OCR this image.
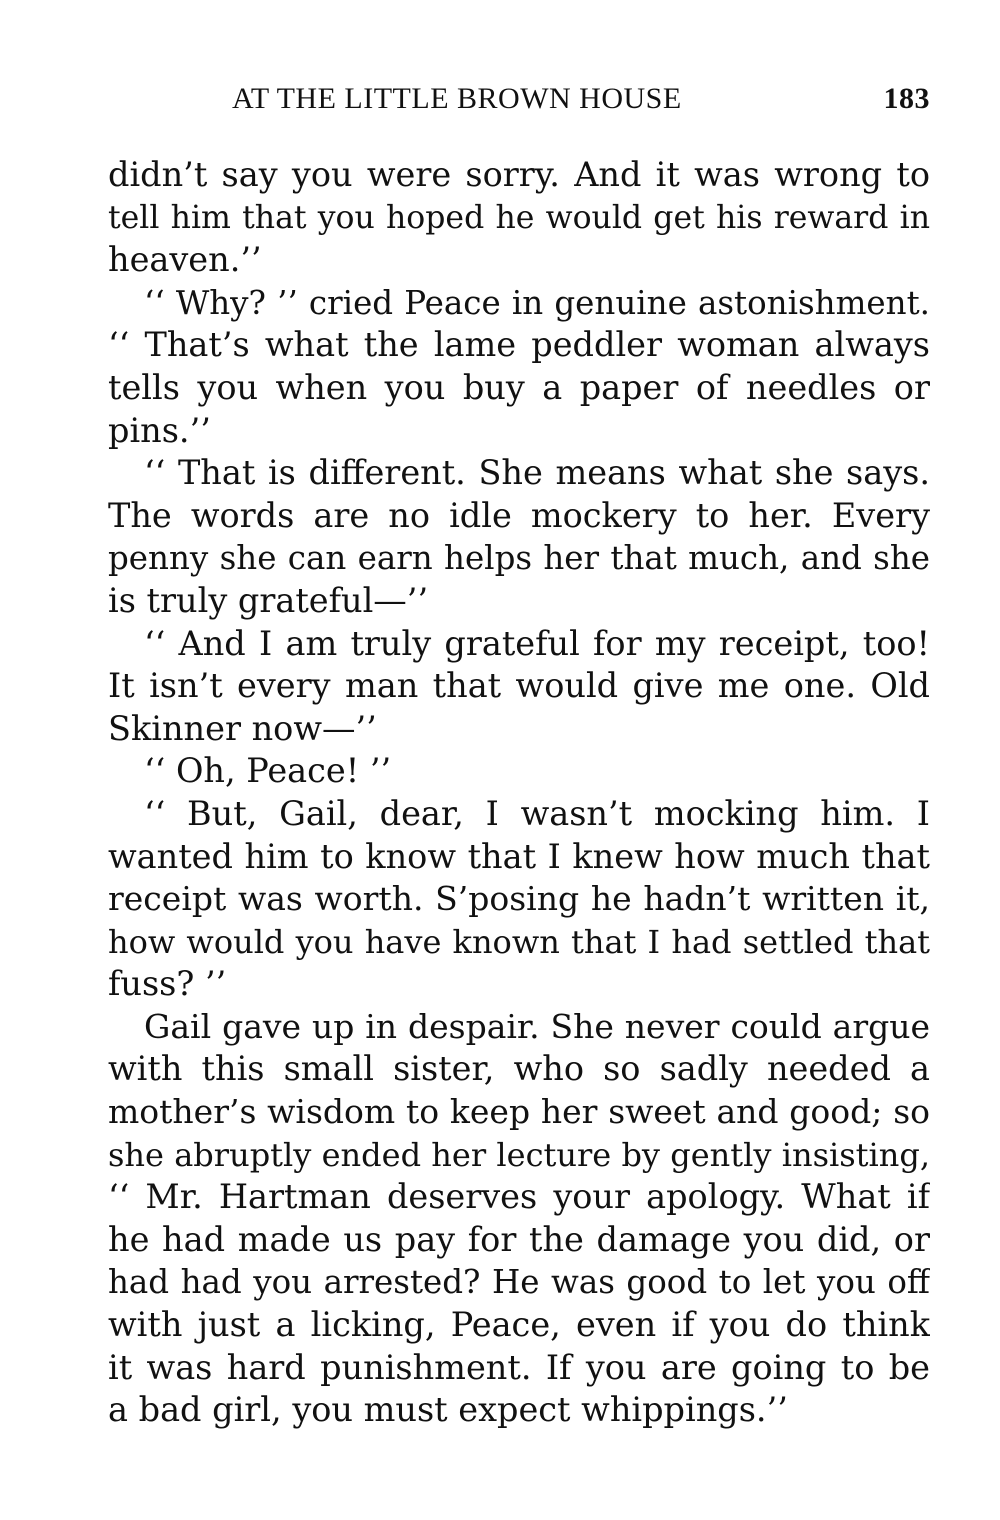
AT THE LITTLE BROWN HOUSE	183
didn’t say you were sorry. And it was wrong to
tell him that you hoped he would get his reward in
heaven.’’
‘‘ Why? ’’ cried Peace in genuine astonishment.
‘‘ That’s what the lame peddler woman always
tells you when you buy a paper of needles or
pins.’’
‘‘ That is different. She means what she says.
The words are no idle mockery to her. Every
penny she can earn helps her that much, and she
is truly grateful—’’
‘‘ And I am truly grateful for my receipt, too!
It isn’t every man that would give me one. Old
Skinner now—’’
‘‘ Oh, Peace! ’’
‘‘ But, Gail, dear, I wasn’t mocking him. I
wanted him to know that I knew how much that
receipt was worth. S’posing he hadn’t written it,
how would you have known that I had settled that
fuss? ’’
Gail gave up in despair. She never could argue
with this small sister, who so sadly needed a
mother’s wisdom to keep her sweet and good; so
she abruptly ended her lecture by gently insisting,
‘‘ Mr. Hartman deserves your apology. What if
he had made us pay for the damage you did, or
had had you arrested? He was good to let you off
with just a licking, Peace, even if you do think
it was hard punishment. If you are going to be
a bad girl, you must expect whippings.’’
